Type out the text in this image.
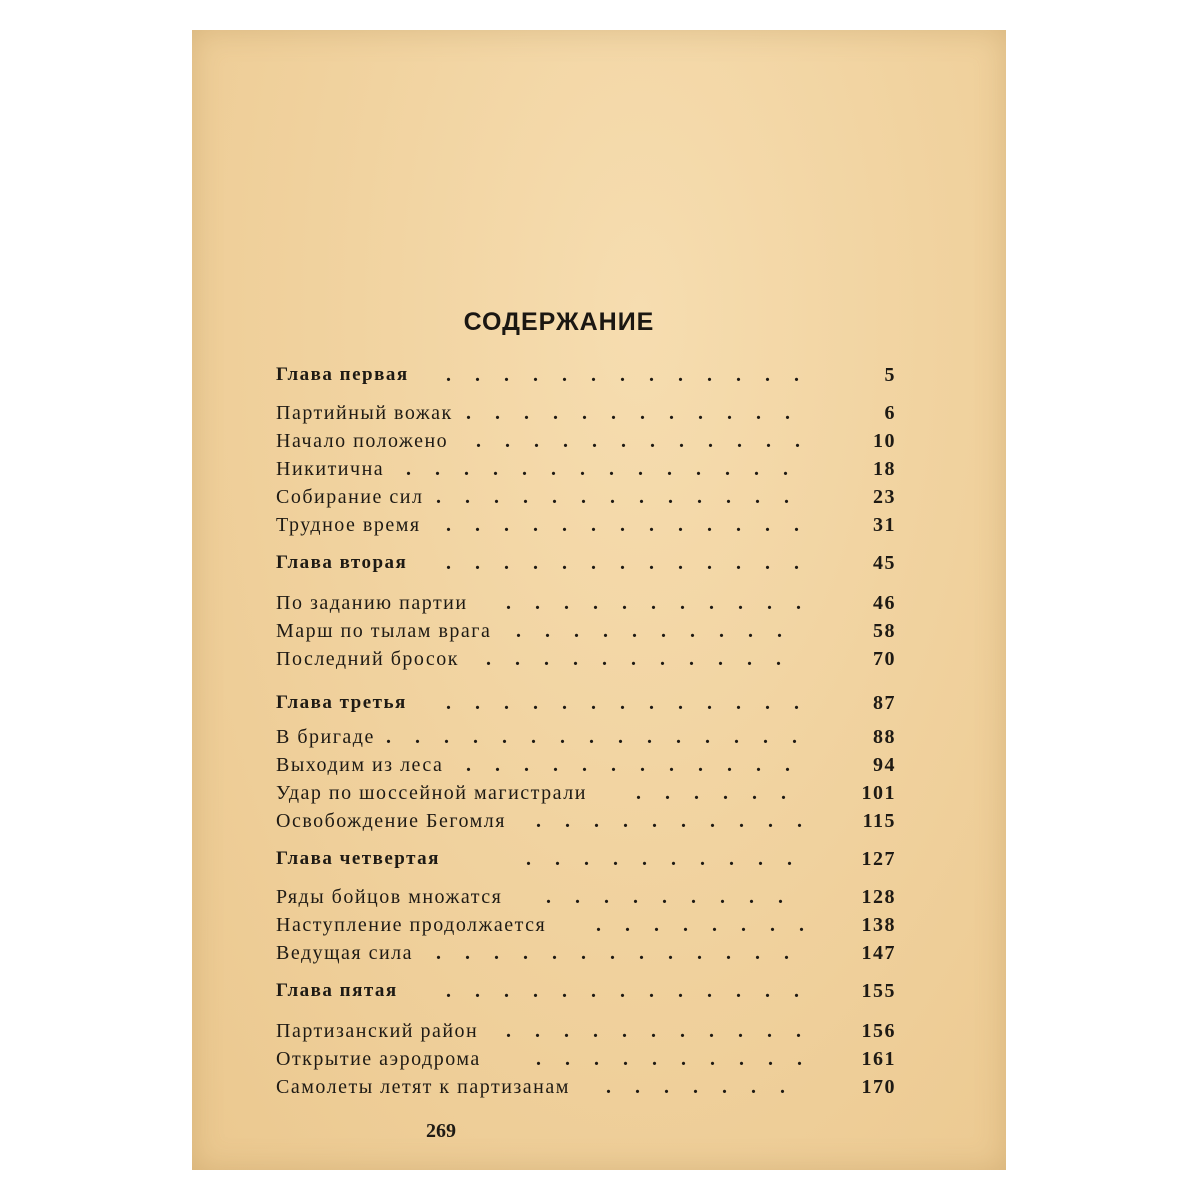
СОДЕРЖАНИЕ
Глава первая .............	5
Партийный вожак ............	6
Начало положено ............ 10
Никитична ..............	18
Собирание сил .............	23
Трудное время .............	31
Глава вторая .............	45
По заданию партии ........... 46
Марш по тылам врага ..........	58
Последний бросок ...........	70
Глава третья .............	87
В бригаде ...............	88
Выходим из леса ............	94
Удар по шоссейной магистрали ......	101
Освобождение Бегомля .......... 115
Глава четвертая	.......... 127
Ряды бойцов множатся .........	128
Наступление продолжается ........ 138
Ведущая сила ............. 147
Глава пятая ............. 155
Партизанский район ........... 156
Открытие аэродрома	.......... 161
Самолеты летят к партизанам .......	170
269
